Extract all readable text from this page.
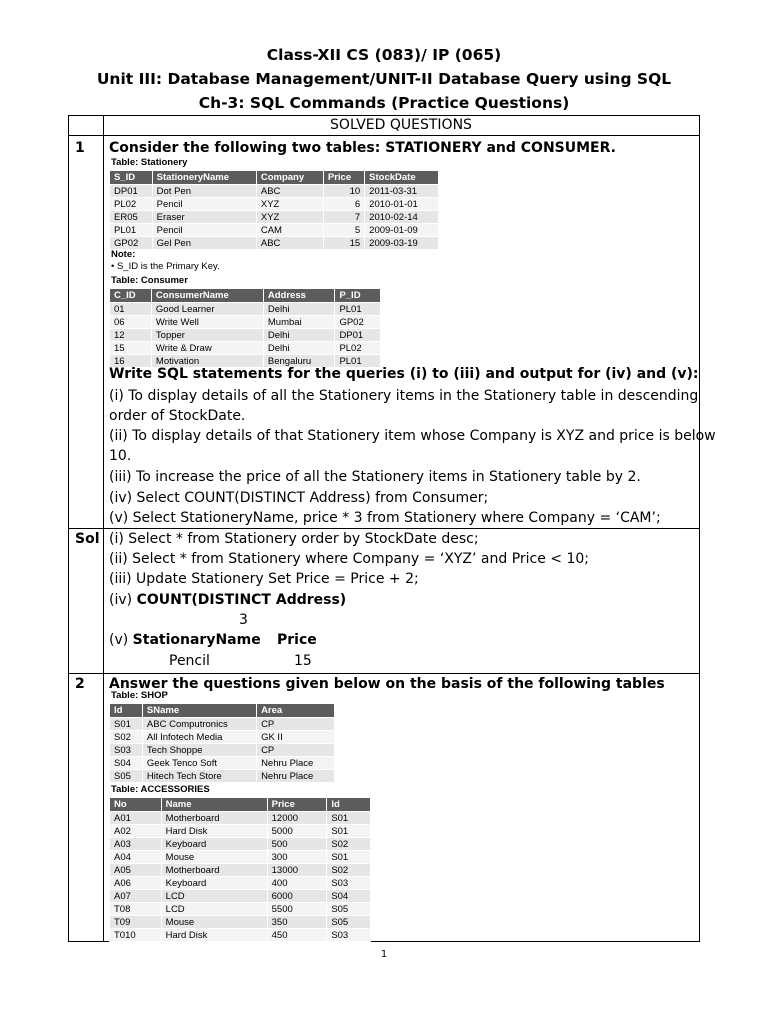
Class-XII CS (083)/ IP (065)
Unit III: Database Management/UNIT-II Database Query using SQL
Ch-3: SQL Commands (Practice Questions)
SOLVED QUESTIONS
1 Consider the following two tables: STATIONERY and CONSUMER.
Table: Stationery
S_ID	StationeryName	Company	Price	StockDate
DP01	Dot Pen	ABC	10	2011-03-31
PL02	Pencil	XYZ	6	2010-01-01
ER05	Eraser	XYZ	7	2010-02-14
PL01	Pencil	CAM	5	2009-01-09
GP02	Gel Pen	ABC	15	2009-03-19
Note:
• S_ID is the Primary Key.
Table: Consumer
C_ID	ConsumerName	Address	P_ID
01	Good Learner	Delhi	PL01
06	Write Well	Mumbai	GP02
12	Topper	Delhi	DP01
15	Write & Draw	Delhi	PL02
16	Motivation	Bengaluru	PL01
Write SQL statements for the queries (i) to (iii) and output for (iv) and (v):
(i) To display details of all the Stationery items in the Stationery table in descending
order of StockDate.
(ii) To display details of that Stationery item whose Company is XYZ and price is below
10.
(iii) To increase the price of all the Stationery items in Stationery table by 2.
(iv) Select COUNT(DISTINCT Address) from Consumer;
(v) Select StationeryName, price * 3 from Stationery where Company = ‘CAM’;
Sol (i) Select * from Stationery order by StockDate desc;
(ii) Select * from Stationery where Company = ‘XYZ’ and Price < 10;
(iii) Update Stationery Set Price = Price + 2;
(iv) COUNT(DISTINCT Address)
3
(v) StationaryName Price
Pencil	15
2 Answer the questions given below on the basis of the following tables
Table: SHOP
Id	SName	Area
S01	ABC Computronics	CP
S02	All Infotech Media	GK II
S03	Tech Shoppe	CP
S04	Geek Tenco Soft	Nehru Place
S05	Hitech Tech Store	Nehru Place
Table: ACCESSORIES
No	Name	Price	Id
A01	Motherboard	12000	S01
A02	Hard Disk	5000	S01
A03	Keyboard	500	S02
A04	Mouse	300	S01
A05	Motherboard	13000	S02
A06	Keyboard	400	S03
A07	LCD	6000	S04
T08	LCD	5500	S05
T09	Mouse	350	S05
T010	Hard Disk	450	S03
1
